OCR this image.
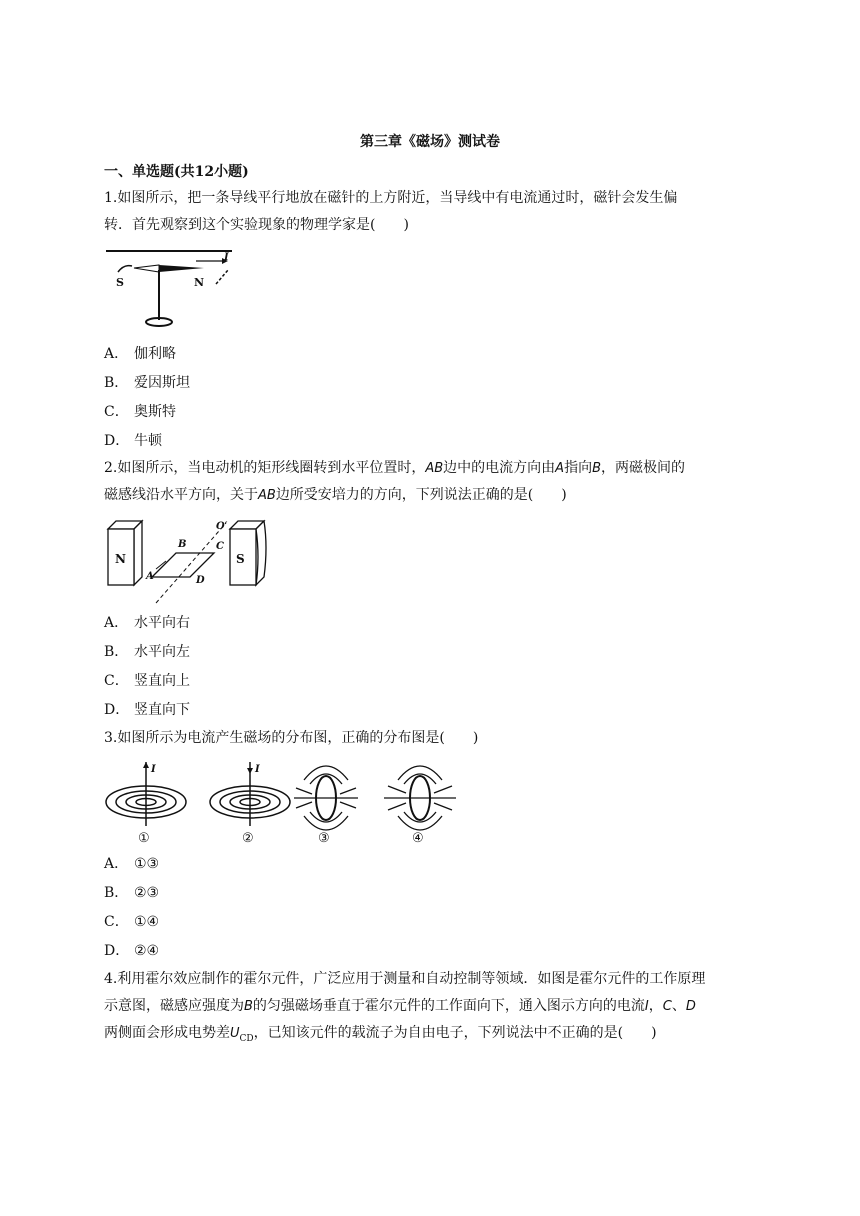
第三章《磁场》测试卷
一、单选题(共12小题)
1.如图所示，把一条导线平行地放在磁针的上方附近，当导线中有电流通过时，磁针会发生偏
转．首先观察到这个实验现象的物理学家是(　　)
I
S	N
A． 伽利略
B． 爱因斯坦
C． 奥斯特
D． 牛顿
2.如图所示，当电动机的矩形线圈转到水平位置时，AB边中的电流方向由A指向B，两磁极间的
磁感线沿水平方向，关于AB边所受安培力的方向，下列说法正确的是(　　)
N	S
A
B	C
D
O′
A． 水平向右
B． 水平向左
C． 竖直向上
D． 竖直向下
3.如图所示为电流产生磁场的分布图，正确的分布图是(　　)
I
①
I
②	③	④
A． ①③
B． ②③
C． ①④
D． ②④
4.利用霍尔效应制作的霍尔元件，广泛应用于测量和自动控制等领域．如图是霍尔元件的工作原理
示意图，磁感应强度为B的匀强磁场垂直于霍尔元件的工作面向下，通入图示方向的电流I，C、D
两侧面会形成电势差$U_{CD}$，已知该元件的载流子为自由电子，下列说法中不正确的是(　　)
